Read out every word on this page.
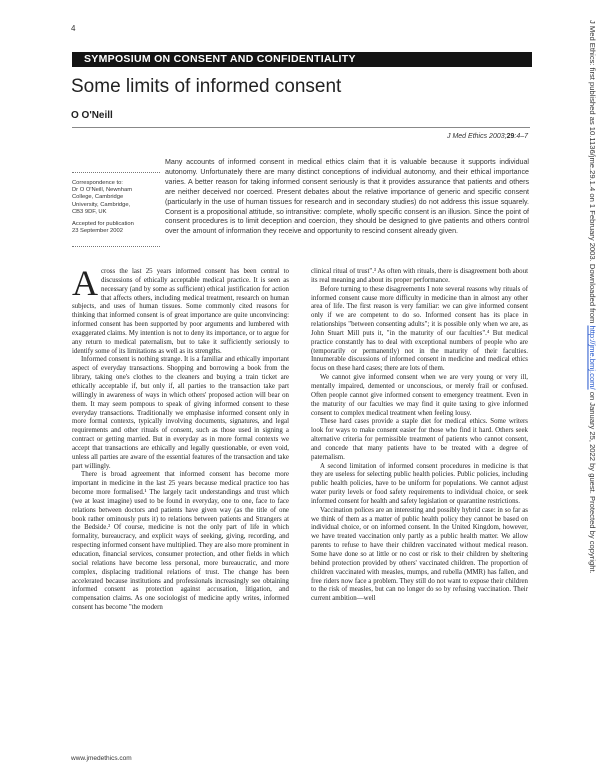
4
SYMPOSIUM ON CONSENT AND CONFIDENTIALITY
Some limits of informed consent
O O'Neill
J Med Ethics 2003;29:4–7
Correspondence to:
Dr O O'Neill, Newnham
College, Cambridge
University, Cambridge,
CB3 9DF, UK
Accepted for publication
23 September 2002

Many accounts of informed consent in medical ethics claim that it is valuable because it supports individual autonomy. Unfortunately there are many distinct conceptions of individual autonomy, and their ethical importance varies. A better reason for taking informed consent seriously is that it provides assurance that patients and others are neither deceived nor coerced. Present debates about the relative importance of generic and specific consent (particularly in the use of human tissues for research and in secondary studies) do not address this issue squarely. Consent is a propositional attitude, so intransitive: complete, wholly specific consent is an illusion. Since the point of consent procedures is to limit deception and coercion, they should be designed to give patients and others control over the amount of information they receive and opportunity to rescind consent already given.

Across the last 25 years informed consent has been central to discussions of ethically acceptable medical practice. It is seen as necessary (and by some as sufficient) ethical justification for action that affects others, including medical treatment, research on human subjects, and uses of human tissues. Some commonly cited reasons for thinking that informed consent is of great importance are quite unconvincing: informed consent has been supported by poor arguments and lumbered with exaggerated claims. My intention is not to deny its importance, or to argue for any return to medical paternalism, but to take it sufficiently seriously to identify some of its limitations as well as its strengths.

Informed consent is nothing strange. It is a familiar and ethically important aspect of everyday transactions. Shopping and borrowing a book from the library, taking one's clothes to the cleaners and buying a train ticket are ethically acceptable if, but only if, all parties to the transaction take part willingly in awareness of ways in which others' proposed action will bear on them. It may seem pompous to speak of giving informed consent to these everyday transactions. Traditionally we emphasise informed consent only in more formal contexts, typically involving documents, signatures, and legal requirements and other rituals of consent, such as those used in signing a contract or getting married. But in everyday as in more formal contexts we accept that transactions are ethically and legally questionable, or even void, unless all parties are aware of the essential features of the transaction and take part willingly.

There is broad agreement that informed consent has become more important in medicine in the last 25 years because medical practice too has become more formalised.¹ The largely tacit understandings and trust which (we at least imagine) used to be found in everyday, one to one, face to face relations between doctors and patients have given way (as the title of one book rather ominously puts it) to relations between patients and Strangers at the Bedside.² Of course, medicine is not the only part of life in which formality, bureaucracy, and explicit ways of seeking, giving, recording, and respecting informed consent have multiplied. They are also more prominent in education, financial services, consumer protection, and other fields in which social relations have become less personal, more bureaucratic, and more complex, displacing traditional relations of trust. The change has been accelerated because institutions and professionals increasingly see obtaining informed consent as protection against accusation, litigation, and compensation claims. As one sociologist of medicine aptly writes, informed consent has become "the modern

clinical ritual of trust".³ As often with rituals, there is disagreement both about its real meaning and about its proper performance.

Before turning to these disagreements I note several reasons why rituals of informed consent cause more difficulty in medicine than in almost any other area of life. The first reason is very familiar: we can give informed consent only if we are competent to do so. Informed consent has its place in relationships "between consenting adults"; it is possible only when we are, as John Stuart Mill puts it, "in the maturity of our faculties".⁴ But medical practice constantly has to deal with exceptional numbers of people who are (temporarily or permanently) not in the maturity of their faculties. Innumerable discussions of informed consent in medicine and medical ethics focus on these hard cases; there are lots of them.

We cannot give informed consent when we are very young or very ill, mentally impaired, demented or unconscious, or merely frail or confused. Often people cannot give informed consent to emergency treatment. Even in the maturity of our faculties we may find it quite taxing to give informed consent to complex medical treatment when feeling lousy.

These hard cases provide a staple diet for medical ethics. Some writers look for ways to make consent easier for those who find it hard. Others seek alternative criteria for permissible treatment of patients who cannot consent, and concede that many patients have to be treated with a degree of paternalism.

A second limitation of informed consent procedures in medicine is that they are useless for selecting public health policies. Public policies, including public health policies, have to be uniform for populations. We cannot adjust water purity levels or food safety requirements to individual choice, or seek informed consent for health and safety legislation or quarantine restrictions.

Vaccination polices are an interesting and possibly hybrid case: in so far as we think of them as a matter of public health policy they cannot be based on individual choice, or on informed consent. In the United Kingdom, however, we have treated vaccination only partly as a public health matter. We allow parents to refuse to have their children vaccinated without medical reason. Some have done so at little or no cost or risk to their children by sheltering behind protection provided by others' vaccinated children. The proportion of children vaccinated with measles, mumps, and rubella (MMR) has fallen, and free riders now face a problem. They still do not want to expose their children to the risk of measles, but can no longer do so by refusing vaccination. Their current ambition—well

www.jmedethics.com
J Med Ethics: first published as 10.1136/jme.29.1.4 on 1 February 2003. Downloaded from http://jme.bmj.com/ on January 25, 2022 by guest. Protected by copyright.
